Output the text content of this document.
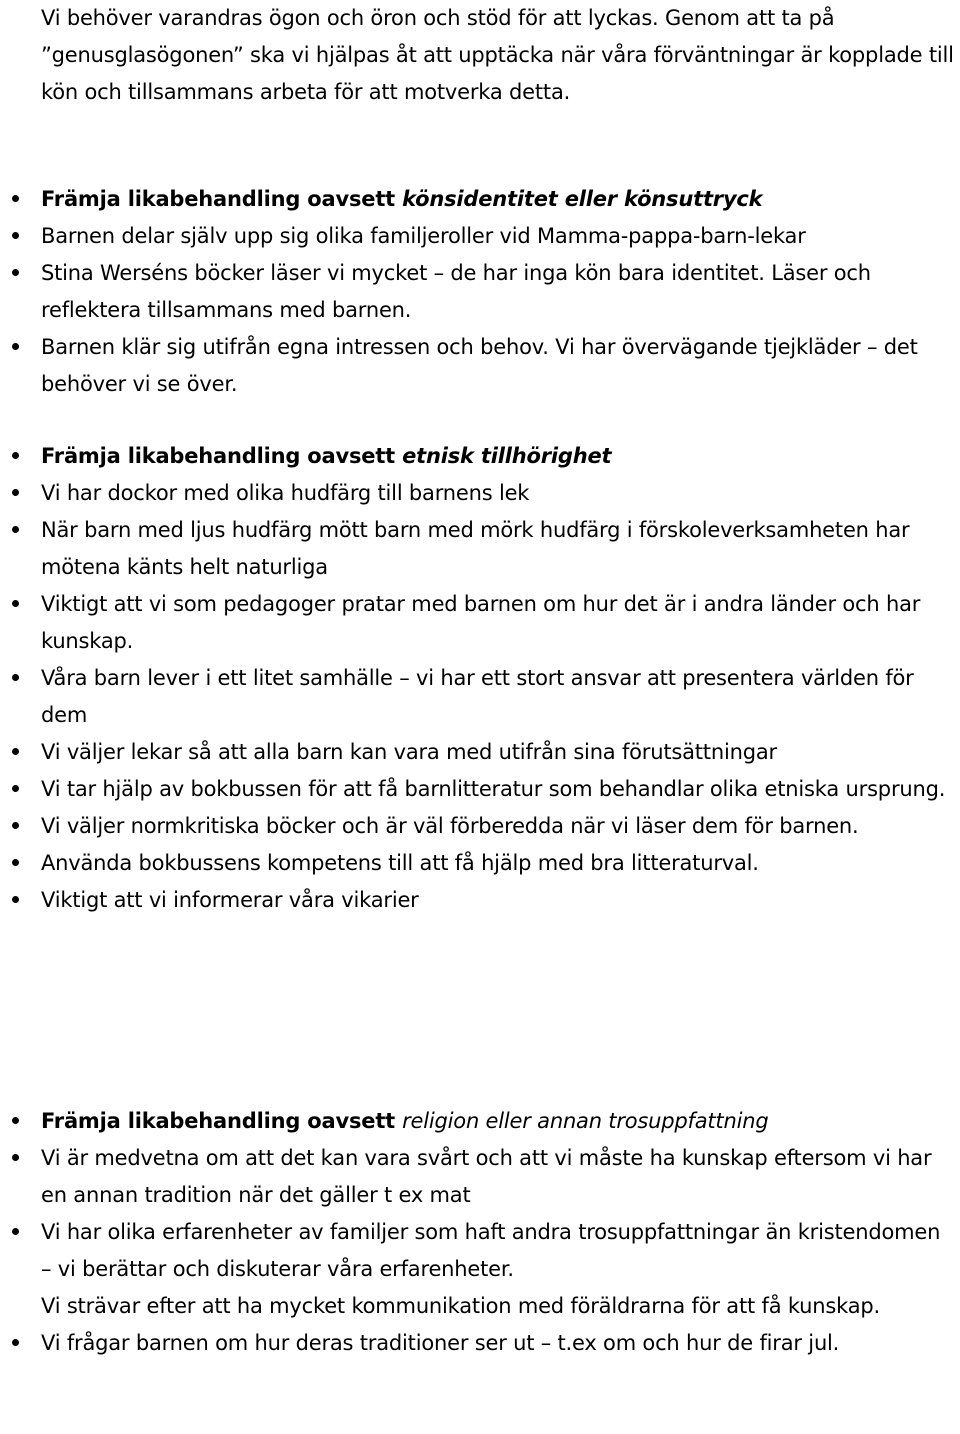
Vi behöver varandras ögon och öron och stöd för att lyckas. Genom att ta på ”genusglasögonen” ska vi hjälpas åt att upptäcka när våra förväntningar är kopplade till kön och tillsammans arbeta för att motverka detta.

Främja likabehandling oavsett könsidentitet eller könsuttryck
Barnen delar själv upp sig olika familjeroller vid Mamma-pappa-barn-lekar
Stina Werséns böcker läser vi mycket – de har inga kön bara identitet. Läser och reflektera tillsammans med barnen.
Barnen klär sig utifrån egna intressen och behov. Vi har övervägande tjejkläder – det behöver vi se över.
Främja likabehandling oavsett etnisk tillhörighet
Vi har dockor med olika hudfärg till barnens lek
När barn med ljus hudfärg mött barn med mörk hudfärg i förskoleverksamheten har mötena känts helt naturliga
Viktigt att vi som pedagoger pratar med barnen om hur det är i andra länder och har kunskap.
Våra barn lever i ett litet samhälle – vi har ett stort ansvar att presentera världen för dem
Vi väljer lekar så att alla barn kan vara med utifrån sina förutsättningar
Vi tar hjälp av bokbussen för att få barnlitteratur som behandlar olika etniska ursprung.
Vi väljer normkritiska böcker och är väl förberedda när vi läser dem för barnen.
Använda bokbussens kompetens till att få hjälp med bra litteraturval.
Viktigt att vi informerar våra vikarier
Främja likabehandling oavsett religion eller annan trosuppfattning
Vi är medvetna om att det kan vara svårt och att vi måste ha kunskap eftersom vi har en annan tradition när det gäller t ex mat
Vi har olika erfarenheter av familjer som haft andra trosuppfattningar än kristendomen – vi berättar och diskuterar våra erfarenheter.
Vi strävar efter att ha mycket kommunikation med föräldrarna för att få kunskap.
Vi frågar barnen om hur deras traditioner ser ut – t.ex om och hur de firar jul.
